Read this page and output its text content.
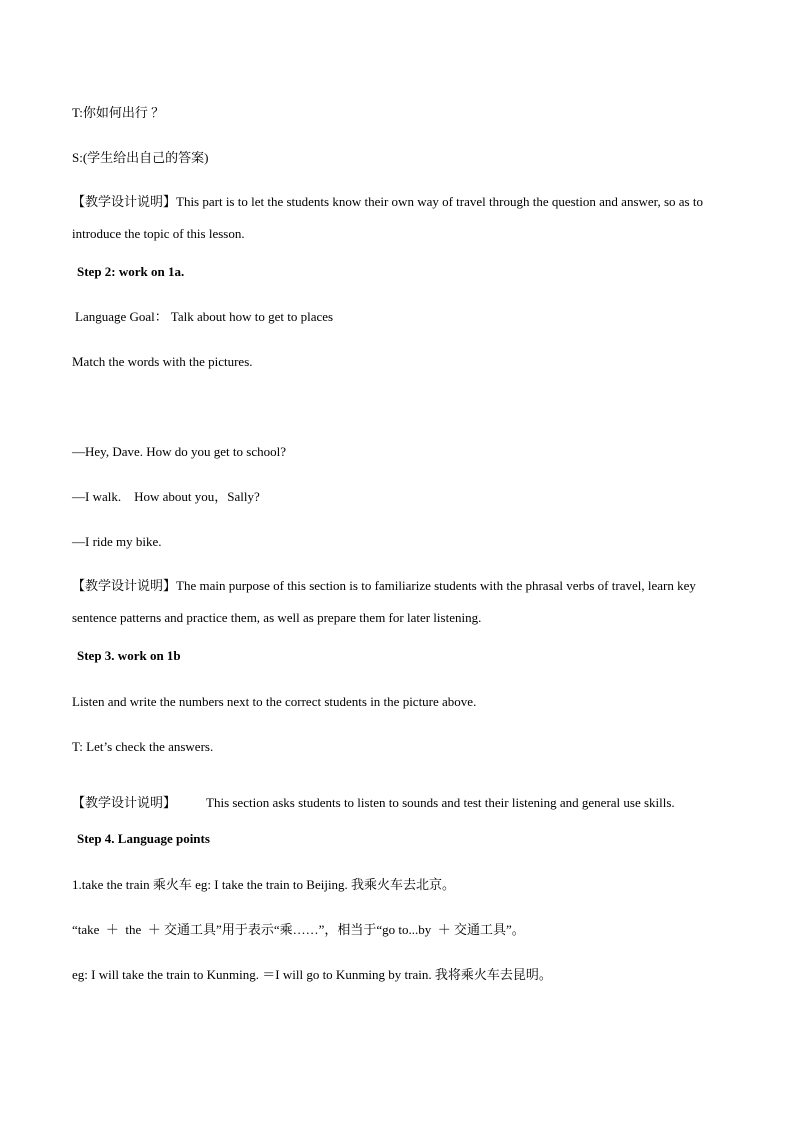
T:你如何出行 ？
S:(学生给出自己的答案)
【教学设计说明】This part is to let the students know their own way of travel through the question and answer, so as to introduce the topic of this lesson.
Step 2: work on 1a.
Language Goal： Talk about how to get to places
Match the words with the pictures.
—Hey, Dave. How do you get to school?
—I walk.    How about you，Sally?
—I ride my bike.
【教学设计说明】The main purpose of this section is to familiarize students with the phrasal verbs of travel, learn key sentence patterns and practice them, as well as prepare them for later listening.
Step 3. work on 1b
Listen and write the numbers next to the correct students in the picture above.
T: Let’s check the answers.
【教学设计说明】 This section asks students to listen to sounds and test their listening and general use skills.
Step 4. Language points
1.take the train 乘火车 eg: I take the train to Beijing. 我乘火车去北京。
“take  ＋  the  ＋ 交通工具”用于表示“乘……”，相当于“go to...by  ＋ 交通工具”。
eg: I will take the train to Kunming. ＝I will go to Kunming by train. 我将乘火车去昆明。
